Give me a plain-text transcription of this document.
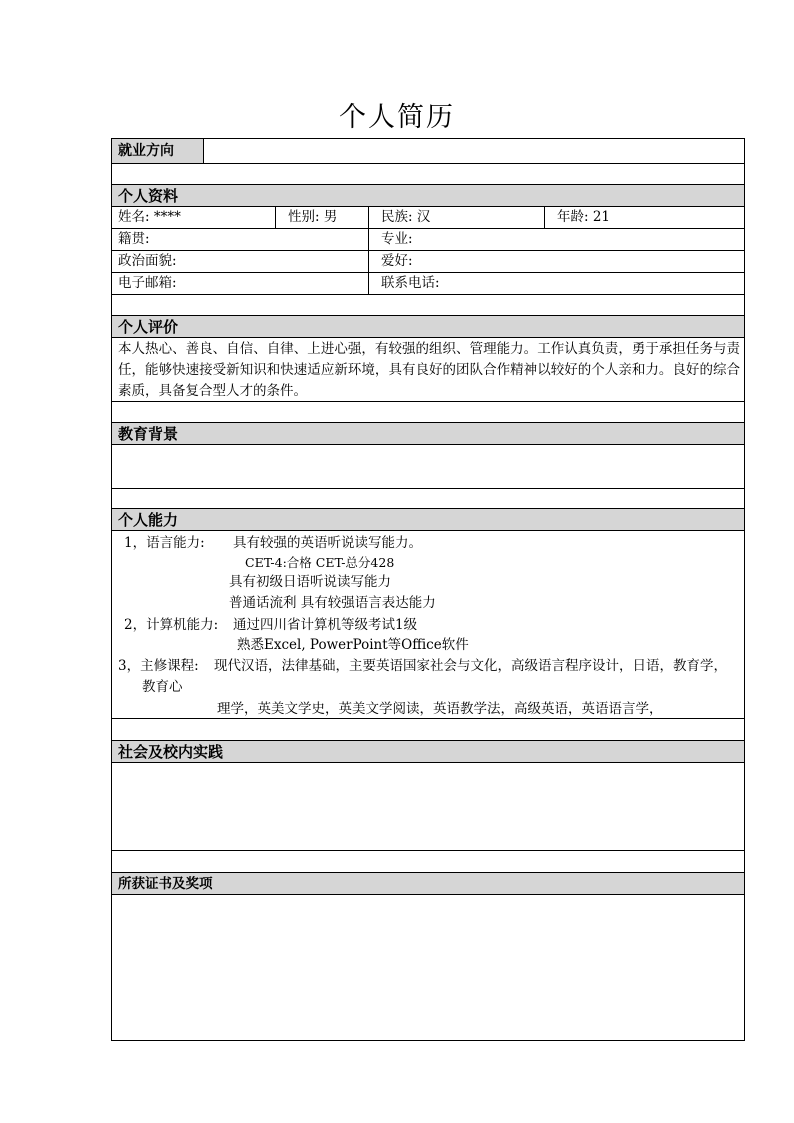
个人简历
就业方向
个人资料
姓名: ****	性别: 男	民族: 汉	年龄: 21
籍贯:	专业:
政治面貌:	爱好:
电子邮箱:	联系电话:
个人评价
本人热心、善良、自信、自律、上进心强，有较强的组织、管理能力。工作认真负责，勇于承担任务与责任，能够快速接受新知识和快速适应新环境，具有良好的团队合作精神以较好的个人亲和力。良好的综合素质，具备复合型人才的条件。
教育背景
个人能力
1，语言能力: 具有较强的英语听说读写能力。
CET-4:合格 CET-总分428
具有初级日语听说读写能力
普通话流利 具有较强语言表达能力
2，计算机能力: 通过四川省计算机等级考试1级
熟悉Excel, PowerPoint等Office软件
3，主修课程: 现代汉语，法律基础，主要英语国家社会与文化，高级语言程序设计，日语，教育学，
教育心
理学，英美文学史，英美文学阅读，英语教学法，高级英语，英语语言学，
社会及校内实践
所获证书及奖项
